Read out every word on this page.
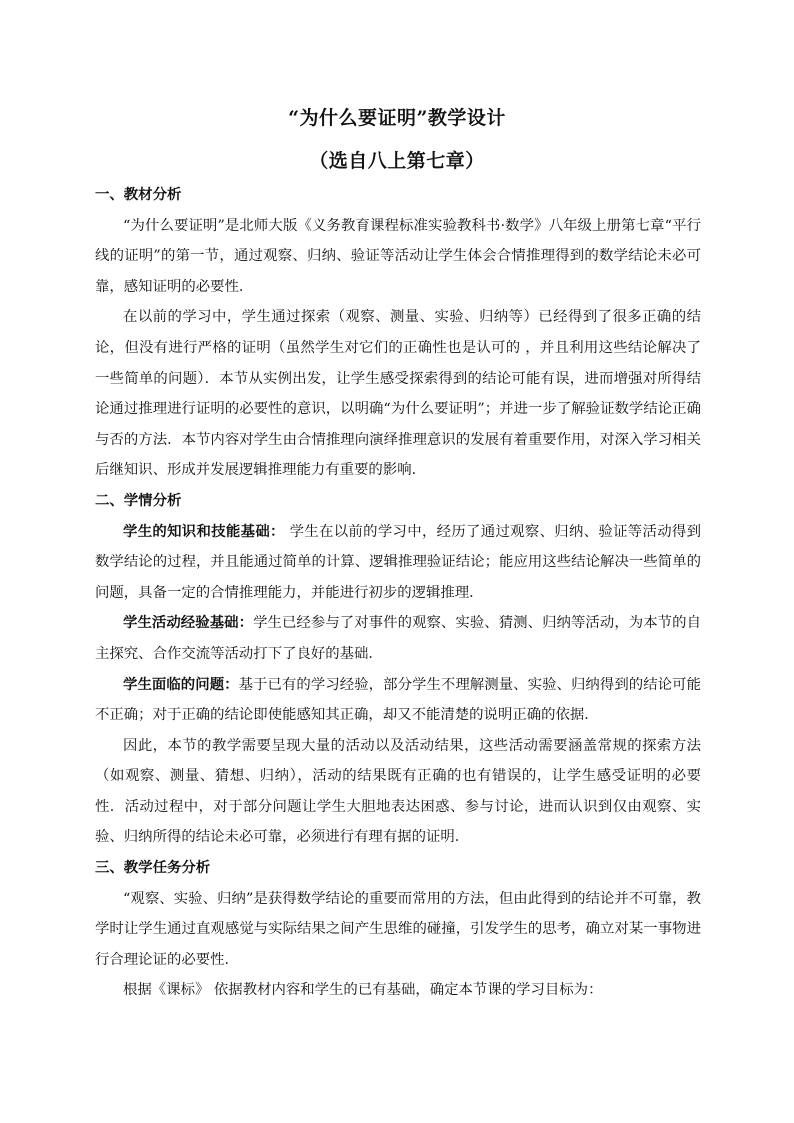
“为什么要证明”教学设计
（选自八上第七章）

一、教材分析

“为什么要证明”是北师大版《义务教育课程标准实验教科书·数学》八年级上册第七章“平行线的证明”的第一节，通过观察、归纳、验证等活动让学生体会合情推理得到的数学结论未必可靠，感知证明的必要性．

在以前的学习中，学生通过探索（观察、测量、实验、归纳等）已经得到了很多正确的结论，但没有进行严格的证明（虽然学生对它们的正确性也是认可的 ，并且利用这些结论解决了一些简单的问题）．本节从实例出发，让学生感受探索得到的结论可能有误，进而增强对所得结论通过推理进行证明的必要性的意识，以明确“为什么要证明”；并进一步了解验证数学结论正确与否的方法．本节内容对学生由合情推理向演绎推理意识的发展有着重要作用，对深入学习相关后继知识、形成并发展逻辑推理能力有重要的影响．

二、学情分析

学生的知识和技能基础： 学生在以前的学习中，经历了通过观察、归纳、验证等活动得到数学结论的过程，并且能通过简单的计算、逻辑推理验证结论；能应用这些结论解决一些简单的问题，具备一定的合情推理能力，并能进行初步的逻辑推理．

学生活动经验基础：学生已经参与了对事件的观察、实验、猜测、归纳等活动，为本节的自主探究、合作交流等活动打下了良好的基础．

学生面临的问题：基于已有的学习经验，部分学生不理解测量、实验、归纳得到的结论可能不正确；对于正确的结论即使能感知其正确，却又不能清楚的说明正确的依据．

因此，本节的教学需要呈现大量的活动以及活动结果，这些活动需要涵盖常规的探索方法（如观察、测量、猜想、归纳），活动的结果既有正确的也有错误的，让学生感受证明的必要性．活动过程中，对于部分问题让学生大胆地表达困惑、参与讨论，进而认识到仅由观察、实验、归纳所得的结论未必可靠，必须进行有理有据的证明．

三、教学任务分析

“观察、实验、归纳”是获得数学结论的重要而常用的方法，但由此得到的结论并不可靠，教学时让学生通过直观感觉与实际结果之间产生思维的碰撞，引发学生的思考，确立对某一事物进行合理论证的必要性．

根据《课标》 依据教材内容和学生的已有基础，确定本节课的学习目标为：
